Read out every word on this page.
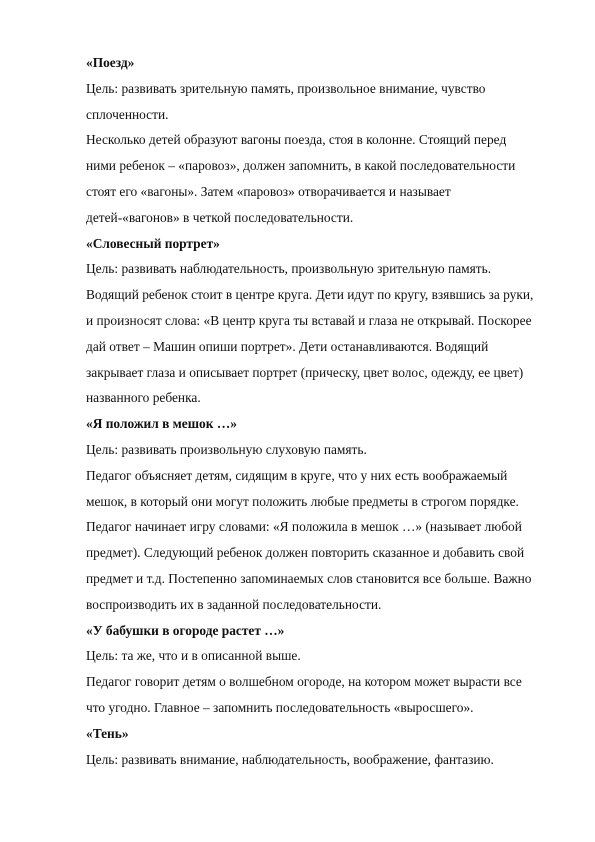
«Поезд»
Цель: развивать зрительную память, произвольное внимание, чувство
сплоченности.
Несколько детей образуют вагоны поезда, стоя в колонне. Стоящий перед
ними ребенок – «паровоз», должен запомнить, в какой последовательности
стоят его «вагоны». Затем «паровоз» отворачивается и называет
детей-«вагонов» в четкой последовательности.
«Словесный портрет»
Цель: развивать наблюдательность, произвольную зрительную память.
Водящий ребенок стоит в центре круга. Дети идут по кругу, взявшись за руки,
и произносят слова: «В центр круга ты вставай и глаза не открывай. Поскорее
дай ответ – Машин опиши портрет». Дети останавливаются. Водящий
закрывает глаза и описывает портрет (прическу, цвет волос, одежду, ее цвет)
названного ребенка.
«Я положил в мешок …»
Цель: развивать произвольную слуховую память.
Педагог объясняет детям, сидящим в круге, что у них есть воображаемый
мешок, в который они могут положить любые предметы в строгом порядке.
Педагог начинает игру словами: «Я положила в мешок …» (называет любой
предмет). Следующий ребенок должен повторить сказанное и добавить свой
предмет и т.д. Постепенно запоминаемых слов становится все больше. Важно
воспроизводить их в заданной последовательности.
«У бабушки в огороде растет …»
Цель: та же, что и в описанной выше.
Педагог говорит детям о волшебном огороде, на котором может вырасти все
что угодно. Главное – запомнить последовательность «выросшего».
«Тень»
Цель: развивать внимание, наблюдательность, воображение, фантазию.
